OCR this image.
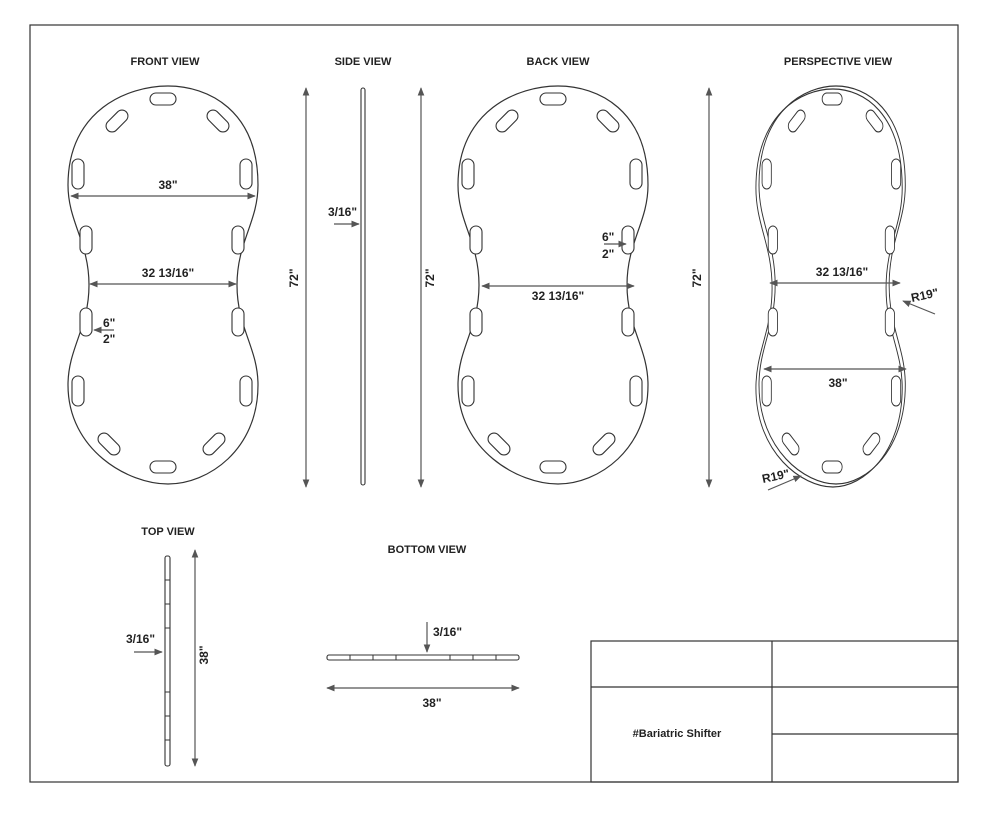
FRONT VIEW
38"
32 13/16"
6"
2"
72"
SIDE VIEW
3/16"
72"
BACK VIEW
32 13/16"
6"
2"
72"
PERSPECTIVE VIEW
32 13/16"
38"
R19"
R19"
TOP VIEW
3/16"
38"
BOTTOM VIEW
3/16"
38"
#Bariatric Shifter
